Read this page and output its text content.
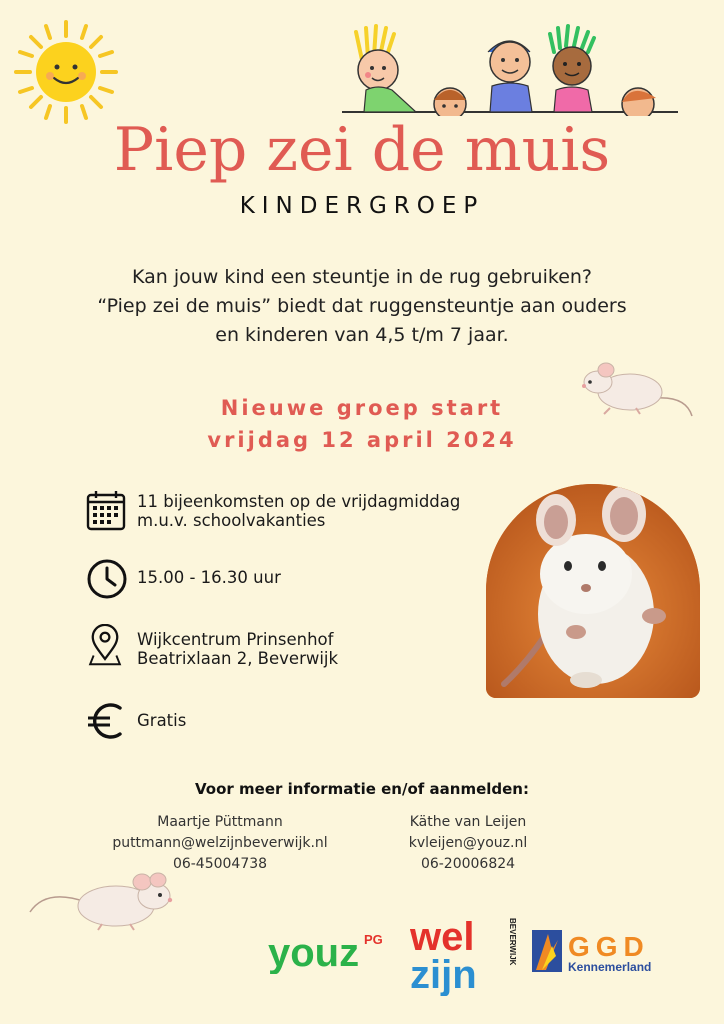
Piep zei de muis
KINDERGROEP
Kan jouw kind een steuntje in de rug gebruiken?
“Piep zei de muis” biedt dat ruggensteuntje aan ouders
en kinderen van 4,5 t/m 7 jaar.
Nieuwe groep start
vrijdag 12 april 2024
11 bijeenkomsten op de vrijdagmiddag
m.u.v. schoolvakanties
15.00 - 16.30 uur
Wijkcentrum Prinsenhof
Beatrixlaan 2, Beverwijk
Gratis
Voor meer informatie en/of aanmelden:
Maartje Püttmann
puttmann@welzijnbeverwijk.nl
06-45004738
Käthe van Leijen
kvleijen@youz.nl
06-20006824
youz PG wel
zijn
BEVERWIJK GGD
Kennemerland
